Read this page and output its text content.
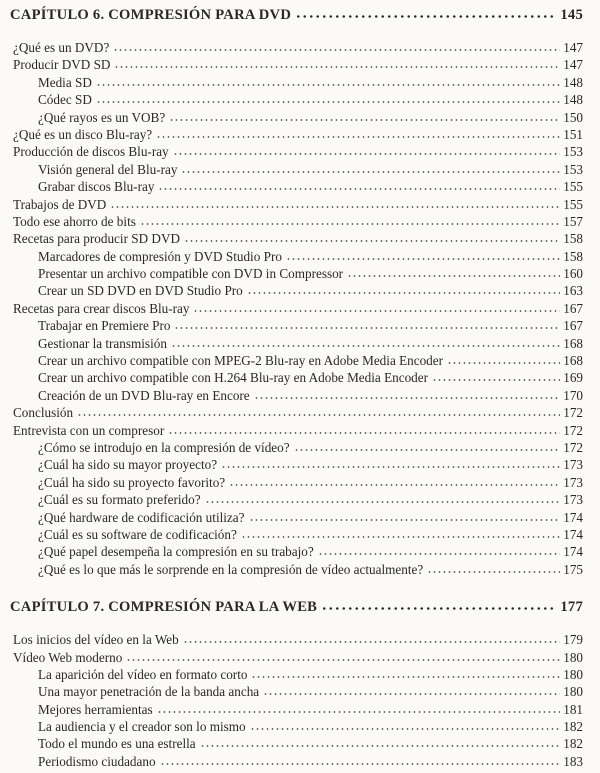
CAPÍTULO 6. COMPRESIÓN PARA DVD	145
¿Qué es un DVD?	147
Producir DVD SD	147
Media SD	148
Códec SD	148
¿Qué rayos es un VOB?	150
¿Qué es un disco Blu-ray?	151
Producción de discos Blu-ray	153
Visión general del Blu-ray	153
Grabar discos Blu-ray	155
Trabajos de DVD	155
Todo ese ahorro de bits	157
Recetas para producir SD DVD	158
Marcadores de compresión y DVD Studio Pro	158
Presentar un archivo compatible con DVD in Compressor	160
Crear un SD DVD en DVD Studio Pro	163
Recetas para crear discos Blu-ray	167
Trabajar en Premiere Pro	167
Gestionar la transmisión	168
Crear un archivo compatible con MPEG-2 Blu-ray en Adobe Media Encoder	168
Crear un archivo compatible con H.264 Blu-ray en Adobe Media Encoder	169
Creación de un DVD Blu-ray en Encore	170
Conclusión	172
Entrevista con un compresor	172
¿Cómo se introdujo en la compresión de vídeo?	172
¿Cuál ha sido su mayor proyecto?	173
¿Cuál ha sido su proyecto favorito?	173
¿Cuál es su formato preferido?	173
¿Qué hardware de codificación utiliza?	174
¿Cuál es su software de codificación?	174
¿Qué papel desempeña la compresión en su trabajo?	174
¿Qué es lo que más le sorprende en la compresión de vídeo actualmente?	175
CAPÍTULO 7. COMPRESIÓN PARA LA WEB	177
Los inicios del vídeo en la Web	179
Vídeo Web moderno	180
La aparición del vídeo en formato corto	180
Una mayor penetración de la banda ancha	180
Mejores herramientas	181
La audiencia y el creador son lo mismo	182
Todo el mundo es una estrella	182
Periodismo ciudadano	183
